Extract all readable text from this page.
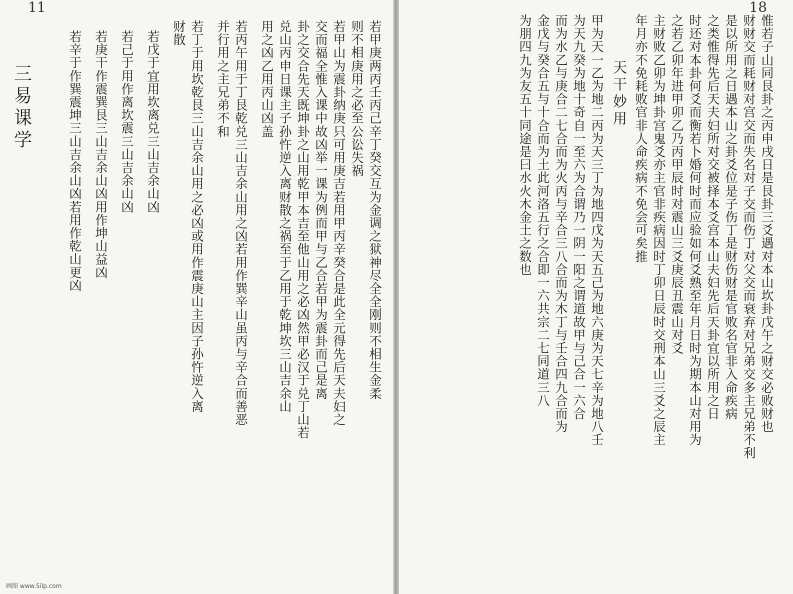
11	18
三易课学	惟若子山同艮卦之丙申戌日是艮卦三爻遇对本山坎卦戊午之财交必败财也
财财交而耗财对宫交而失名对子交而伤丁对父交而衰弃对兄弟交多主兄弟不利
是以所用之日遇本山之卦爻位是子伤丁是财伤财是官败名官非入命疾病
之类惟得先后天夫妇所对交被择本爻宫本山夫妇先后天卦宜以所用之日
时还对本卦何爻而衡若卜婚何时而应验如何爻熟至年月日时为期本山对用为
之若乙卯年进甲卯乙乃丙甲辰时对震山三爻庚辰丑震山对爻
主财败乙卯为坤卦宫鬼爻亦主官非疾病因时丁卯日辰时交刑本山三爻之辰主
年月亦不免耗败官非人命疾病不免会可矣推
天干妙用
甲为天一乙为地二丙为天三丁为地四戊为天五己为地六庚为天七辛为地八壬
为天九癸为地十奇自一至六为合谓乃一阴一阳之谓道故甲与己合一六合
而为水乙与庚合二七合而为火丙与辛合三八合而为木丁与壬合四九合而为
金戊与癸合五与十合而为土此河洛五行之合即一六共宗二七同道三八
为朋四九为友五十同途是曰水火木金土之数也
若甲庚两丙壬丙己辛丁癸交互为金调之狱神尽全全刚则不相生金柔
则不相庚用之必至公讼失祸
若甲山为震卦纳庚只可用庚吉若用甲丙辛癸合是此全元得先后天夫妇之
交而福全惟入课中故凶举一课为例而甲与乙合若甲为震卦而己是离
卦之交合先天既坤卦之山用乾甲本吉至他山用之必凶然甲必汉于兑丁山若
兑山丙申日课主子孙忤逆入离财散之祸至于乙用于乾坤坎三山吉余山
用之凶乙用丙山凶盖
若丙午用于丁艮乾兑三山吉余山用之凶若用作巽辛山虽丙与辛合而善恶
并行用之主兄弟不和
若丁于用坎乾艮三山吉余山用之必凶或用作震庚山主因子孙忤逆入离
财散
若戊于宜用坎离兑三山吉余山凶
若己于用作离坎震三山吉余山凶
若庚干作震巽艮三山吉余山凶用作坤山益凶
若辛于作巽震坤三山吉余山凶若用作乾山更凶
画图 www.5ilp.com
